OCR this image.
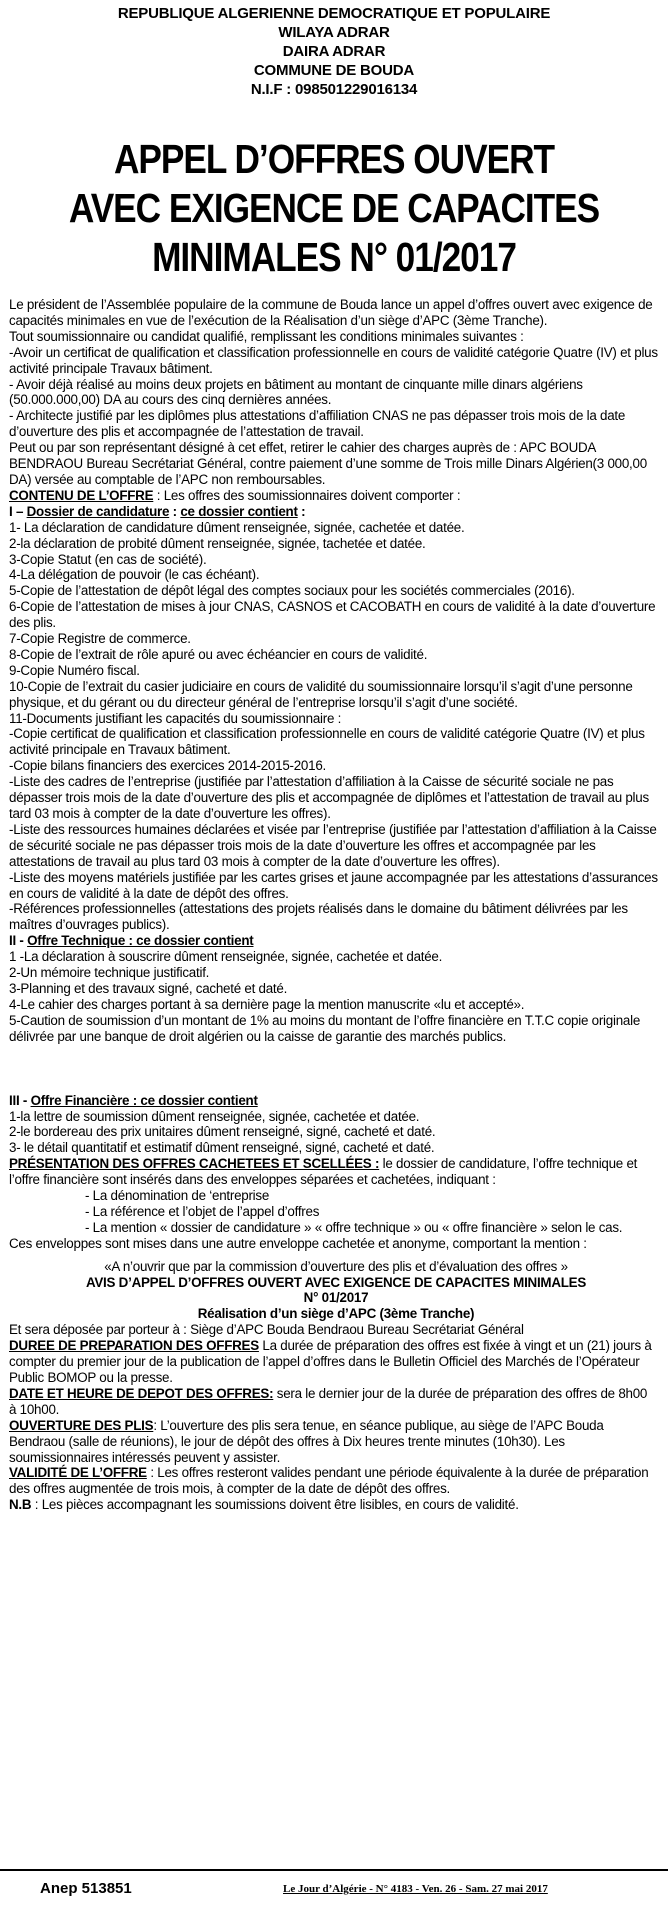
REPUBLIQUE ALGERIENNE DEMOCRATIQUE ET POPULAIRE
WILAYA ADRAR
DAIRA ADRAR
COMMUNE DE BOUDA
N.I.F : 098501229016134
APPEL D’OFFRES OUVERT
AVEC EXIGENCE DE CAPACITES
MINIMALES N° 01/2017

Le président de l’Assemblée populaire de la commune de Bouda lance un appel d’offres ouvert avec exigence de capacités minimales en vue de l’exécution de la Réalisation d’un siège d’APC (3ème Tranche).

Tout soumissionnaire ou candidat qualifié, remplissant les conditions minimales suivantes :

-Avoir un certificat de qualification et classification professionnelle en cours de validité catégorie Quatre (IV) et plus activité principale Travaux bâtiment.

- Avoir déjà réalisé au moins deux projets en bâtiment au montant de cinquante mille dinars algériens (50.000.000,00) DA au cours des cinq dernières années.

- Architecte justifié par les diplômes plus attestations d’affiliation CNAS ne pas dépasser trois mois de la date

d’ouverture des plis et accompagnée de l’attestation de travail.

Peut ou par son représentant désigné à cet effet, retirer le cahier des charges auprès de : APC BOUDA BENDRAOU Bureau Secrétariat Général, contre paiement d’une somme de Trois mille Dinars Algérien(3 000,00 DA) versée au comptable de l’APC non remboursables.

CONTENU DE L’OFFRE : Les offres des soumissionnaires doivent comporter :

I – Dossier de candidature : ce dossier contient :

1- La déclaration de candidature dûment renseignée, signée, cachetée et datée.

2-la déclaration de probité dûment renseignée, signée, tachetée et datée.

3-Copie Statut (en cas de société).

4-La délégation de pouvoir (le cas échéant).

5-Copie de l’attestation de dépôt légal des comptes sociaux pour les sociétés commerciales (2016).

6-Copie de l’attestation de mises à jour CNAS, CASNOS et CACOBATH en cours de validité à la date d’ouverture des plis.

7-Copie Registre de commerce.

8-Copie de l’extrait de rôle apuré ou avec échéancier en cours de validité.

9-Copie Numéro fiscal.

10-Copie de l’extrait du casier judiciaire en cours de validité du soumissionnaire lorsqu’il s’agit d’une personne physique, et du gérant ou du directeur général de l’entreprise lorsqu’il s’agit d’une société.

11-Documents justifiant les capacités du soumissionnaire :

-Copie certificat de qualification et classification professionnelle en cours de validité catégorie Quatre (IV) et plus activité principale en Travaux bâtiment.

-Copie bilans financiers des exercices 2014-2015-2016.

-Liste des cadres de l’entreprise (justifiée par l’attestation d’affiliation à la Caisse de sécurité sociale ne pas dépasser trois mois de la date d’ouverture des plis et accompagnée de diplômes et l’attestation de travail au plus tard 03 mois à compter de la date d’ouverture les offres).

-Liste des ressources humaines déclarées et visée par l’entreprise (justifiée par l’attestation d’affiliation à la Caisse de sécurité sociale ne pas dépasser trois mois de la date d’ouverture les offres et accompagnée par les attestations de travail au plus tard 03 mois à compter de la date d’ouverture les offres).

-Liste des moyens matériels justifiée par les cartes grises et jaune accompagnée par les attestations d’assurances en cours de validité à la date de dépôt des offres.

-Références professionnelles (attestations des projets réalisés dans le domaine du bâtiment délivrées par les maîtres d’ouvrages publics).

II - Offre Technique : ce dossier contient

1 -La déclaration à souscrire dûment renseignée, signée, cachetée et datée.

2-Un mémoire technique justificatif.

3-Planning et des travaux signé, cacheté et daté.

4-Le cahier des charges portant à sa dernière page la mention manuscrite «lu et accepté».

5-Caution de soumission d’un montant de 1% au moins du montant de l’offre financière en T.T.C copie originale délivrée par une banque de droit algérien ou la caisse de garantie des marchés publics.

III - Offre Financière : ce dossier contient

1-la lettre de soumission dûment renseignée, signée, cachetée et datée.

2-le bordereau des prix unitaires dûment renseigné, signé, cacheté et daté.

3- le détail quantitatif et estimatif dûment renseigné, signé, cacheté et daté.

PRÉSENTATION DES OFFRES CACHETEES ET SCELLÉES : le dossier de candidature, l’offre technique et l’offre financière sont insérés dans des enveloppes séparées et cachetées, indiquant :

- La dénomination de ‘entreprise

- La référence et l’objet de l’appel d’offres

- La mention « dossier de candidature » « offre technique » ou « offre financière » selon le cas.

Ces enveloppes sont mises dans une autre enveloppe cachetée et anonyme, comportant la mention :

«A n’ouvrir que par la commission d’ouverture des plis et d’évaluation des offres »

AVIS D’APPEL D’OFFRES OUVERT AVEC EXIGENCE DE CAPACITES MINIMALES

N° 01/2017

Réalisation d’un siège d’APC (3ème Tranche)

Et sera déposée par porteur à : Siège d’APC Bouda Bendraou Bureau Secrétariat Général

DUREE DE PREPARATION DES OFFRES La durée de préparation des offres est fixée à vingt et un (21) jours à compter du premier jour de la publication de l’appel d’offres dans le Bulletin Officiel des Marchés de l’Opérateur Public BOMOP ou la presse.

DATE ET HEURE DE DEPOT DES OFFRES: sera le dernier jour de la durée de préparation des offres de 8h00

à 10h00.

OUVERTURE DES PLIS: L’ouverture des plis sera tenue, en séance publique, au siège de l’APC Bouda Bendraou (salle de réunions), le jour de dépôt des offres à Dix heures trente minutes (10h30). Les soumissionnaires intéressés peuvent y assister.

VALIDITÉ DE L’OFFRE : Les offres resteront valides pendant une période équivalente à la durée de préparation des offres augmentée de trois mois, à compter de la date de dépôt des offres.

N.B : Les pièces accompagnant les soumissions doivent être lisibles, en cours de validité.

Anep 513851	Le Jour d’Algérie - N° 4183 - Ven. 26 - Sam. 27 mai 2017
